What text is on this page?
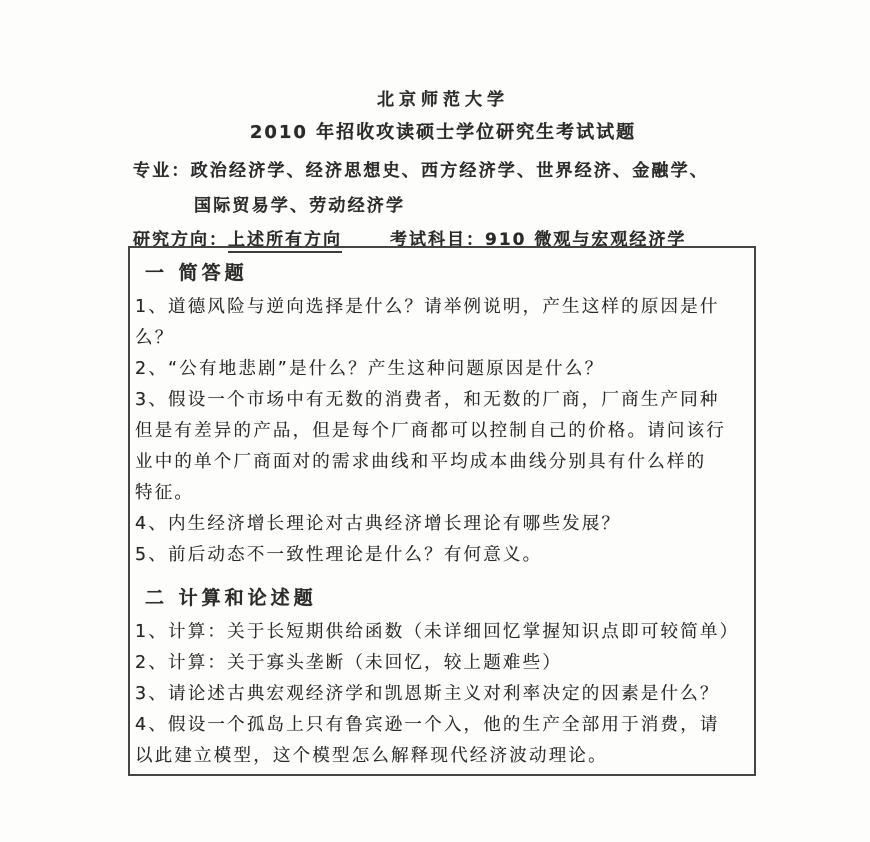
北京师范大学
2010 年招收攻读硕士学位研究生考试试题
专业：政治经济学、经济思想史、西方经济学、世界经济、金融学、
国际贸易学、劳动经济学
研究方向：上述所有方向	考试科目：910 微观与宏观经济学
一 简答题

1、道德风险与逆向选择是什么？请举例说明，产生这样的原因是什

么？

2、“公有地悲剧”是什么？产生这种问题原因是什么？

3、假设一个市场中有无数的消费者，和无数的厂商，厂商生产同种

但是有差异的产品，但是每个厂商都可以控制自己的价格。请问该行

业中的单个厂商面对的需求曲线和平均成本曲线分别具有什么样的

特征。

4、内生经济增长理论对古典经济增长理论有哪些发展？

5、前后动态不一致性理论是什么？有何意义。

二 计算和论述题

1、计算：关于长短期供给函数（未详细回忆掌握知识点即可较简单）

2、计算：关于寡头垄断（未回忆，较上题难些）

3、请论述古典宏观经济学和凯恩斯主义对利率决定的因素是什么？

4、假设一个孤岛上只有鲁宾逊一个入，他的生产全部用于消费，请

以此建立模型，这个模型怎么解释现代经济波动理论。
